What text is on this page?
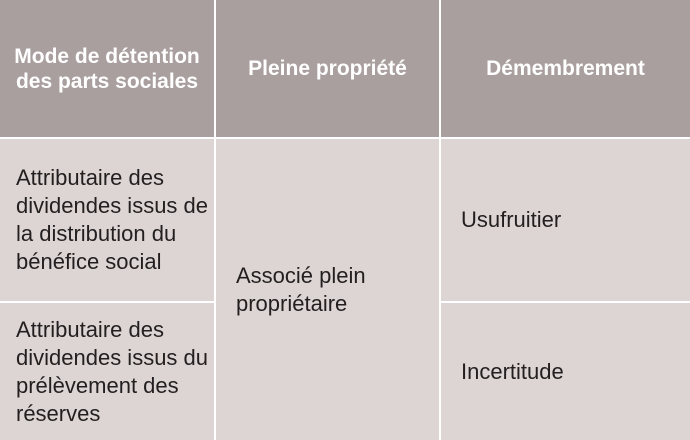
Mode de détention des parts sociales
Pleine propriété	Démembrement
Attributaire des dividendes issus de la distribution du bénéfice social
Associé plein propriétaire
Usufruitier
Attributaire des dividendes issus du prélèvement des réserves
Incertitude
